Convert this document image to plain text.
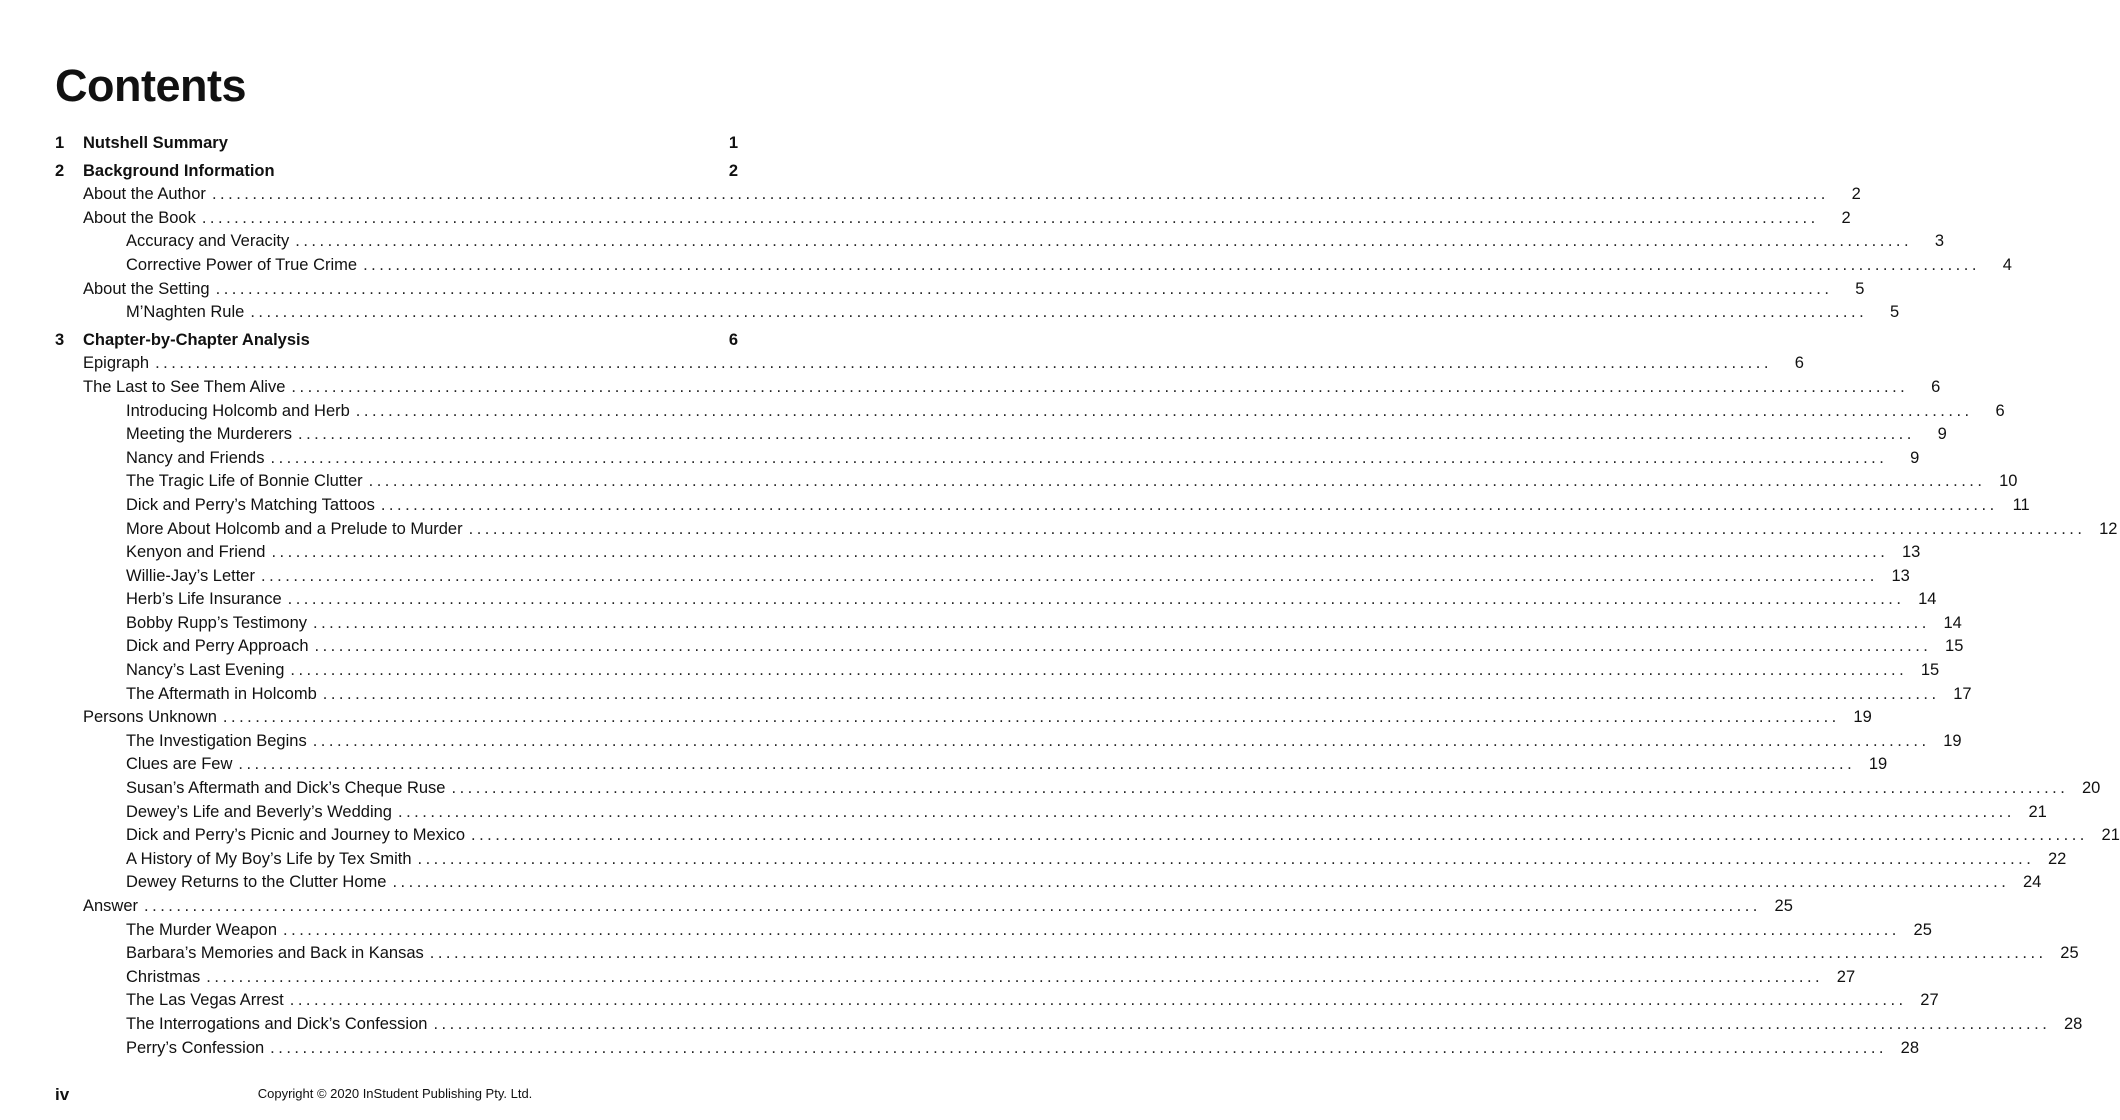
Contents
1	Nutshell Summary	1
2	Background Information	2
About the Author ........................................................................................................................................................................................................	2
About the Book ........................................................................................................................................................................................................	2
Accuracy and Veracity ........................................................................................................................................................................................................	3
Corrective Power of True Crime ........................................................................................................................................................................................................	4
About the Setting ........................................................................................................................................................................................................	5
M’Naghten Rule ........................................................................................................................................................................................................	5
3	Chapter-by-Chapter Analysis	6
Epigraph ........................................................................................................................................................................................................	6
The Last to See Them Alive ........................................................................................................................................................................................................	6
Introducing Holcomb and Herb ........................................................................................................................................................................................................	6
Meeting the Murderers ........................................................................................................................................................................................................	9
Nancy and Friends ........................................................................................................................................................................................................	9
The Tragic Life of Bonnie Clutter ........................................................................................................................................................................................................ 10
Dick and Perry’s Matching Tattoos ........................................................................................................................................................................................................ 11
More About Holcomb and a Prelude to Murder ........................................................................................................................................................................................................ 12
Kenyon and Friend ........................................................................................................................................................................................................ 13
Willie-Jay’s Letter ........................................................................................................................................................................................................ 13
Herb’s Life Insurance ........................................................................................................................................................................................................ 14
Bobby Rupp’s Testimony ........................................................................................................................................................................................................ 14
Dick and Perry Approach ........................................................................................................................................................................................................ 15
Nancy’s Last Evening ........................................................................................................................................................................................................ 15
The Aftermath in Holcomb ........................................................................................................................................................................................................ 17
Persons Unknown ........................................................................................................................................................................................................ 19
The Investigation Begins ........................................................................................................................................................................................................ 19
Clues are Few ........................................................................................................................................................................................................ 19
Susan’s Aftermath and Dick’s Cheque Ruse ........................................................................................................................................................................................................ 20
Dewey’s Life and Beverly’s Wedding ........................................................................................................................................................................................................ 21
Dick and Perry’s Picnic and Journey to Mexico ........................................................................................................................................................................................................ 21
A History of My Boy’s Life by Tex Smith ........................................................................................................................................................................................................ 22
Dewey Returns to the Clutter Home ........................................................................................................................................................................................................ 24
Answer ........................................................................................................................................................................................................ 25
The Murder Weapon ........................................................................................................................................................................................................ 25
Barbara’s Memories and Back in Kansas ........................................................................................................................................................................................................ 25
Christmas ........................................................................................................................................................................................................ 27
The Las Vegas Arrest ........................................................................................................................................................................................................ 27
The Interrogations and Dick’s Confession ........................................................................................................................................................................................................ 28
Perry’s Confession ........................................................................................................................................................................................................ 28
iv	Copyright © 2020 InStudent Publishing Pty. Ltd.
